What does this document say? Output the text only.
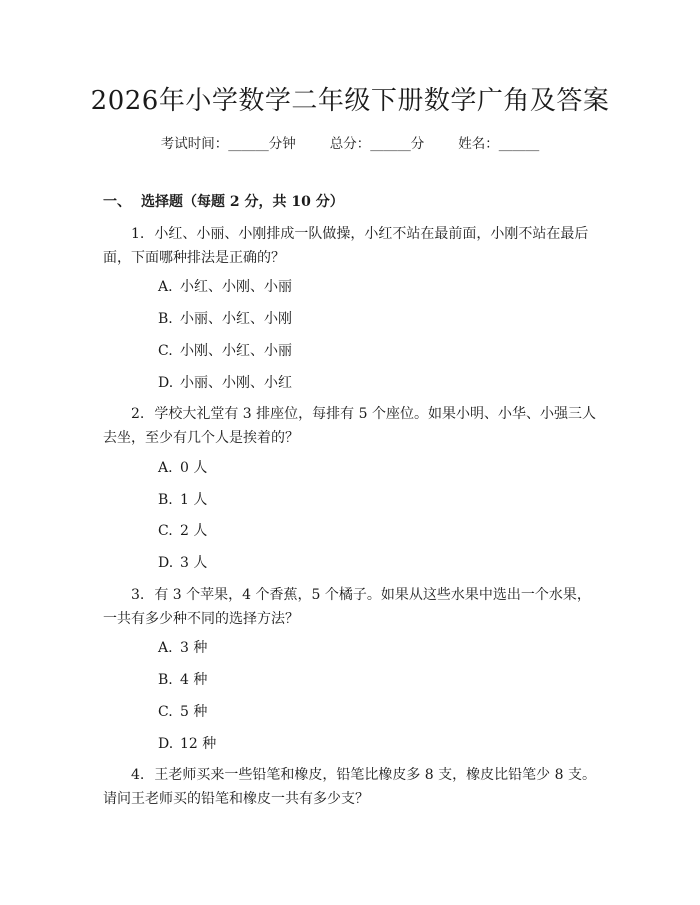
2026年小学数学二年级下册数学广角及答案
考试时间：______分钟	总分：______分	姓名：______
一、 选择题（每题 2 分，共 10 分）
1. 小红、小丽、小刚排成一队做操，小红不站在最前面，小刚不站在最后面，下面哪种排法是正确的？
A. 小红、小刚、小丽
B. 小丽、小红、小刚
C. 小刚、小红、小丽
D. 小丽、小刚、小红
2. 学校大礼堂有 3 排座位，每排有 5 个座位。如果小明、小华、小强三人去坐，至少有几个人是挨着的？
A. 0 人
B. 1 人
C. 2 人
D. 3 人
3. 有 3 个苹果，4 个香蕉，5 个橘子。如果从这些水果中选出一个水果，一共有多少种不同的选择方法？
A. 3 种
B. 4 种
C. 5 种
D. 12 种
4. 王老师买来一些铅笔和橡皮，铅笔比橡皮多 8 支，橡皮比铅笔少 8 支。请问王老师买的铅笔和橡皮一共有多少支？
